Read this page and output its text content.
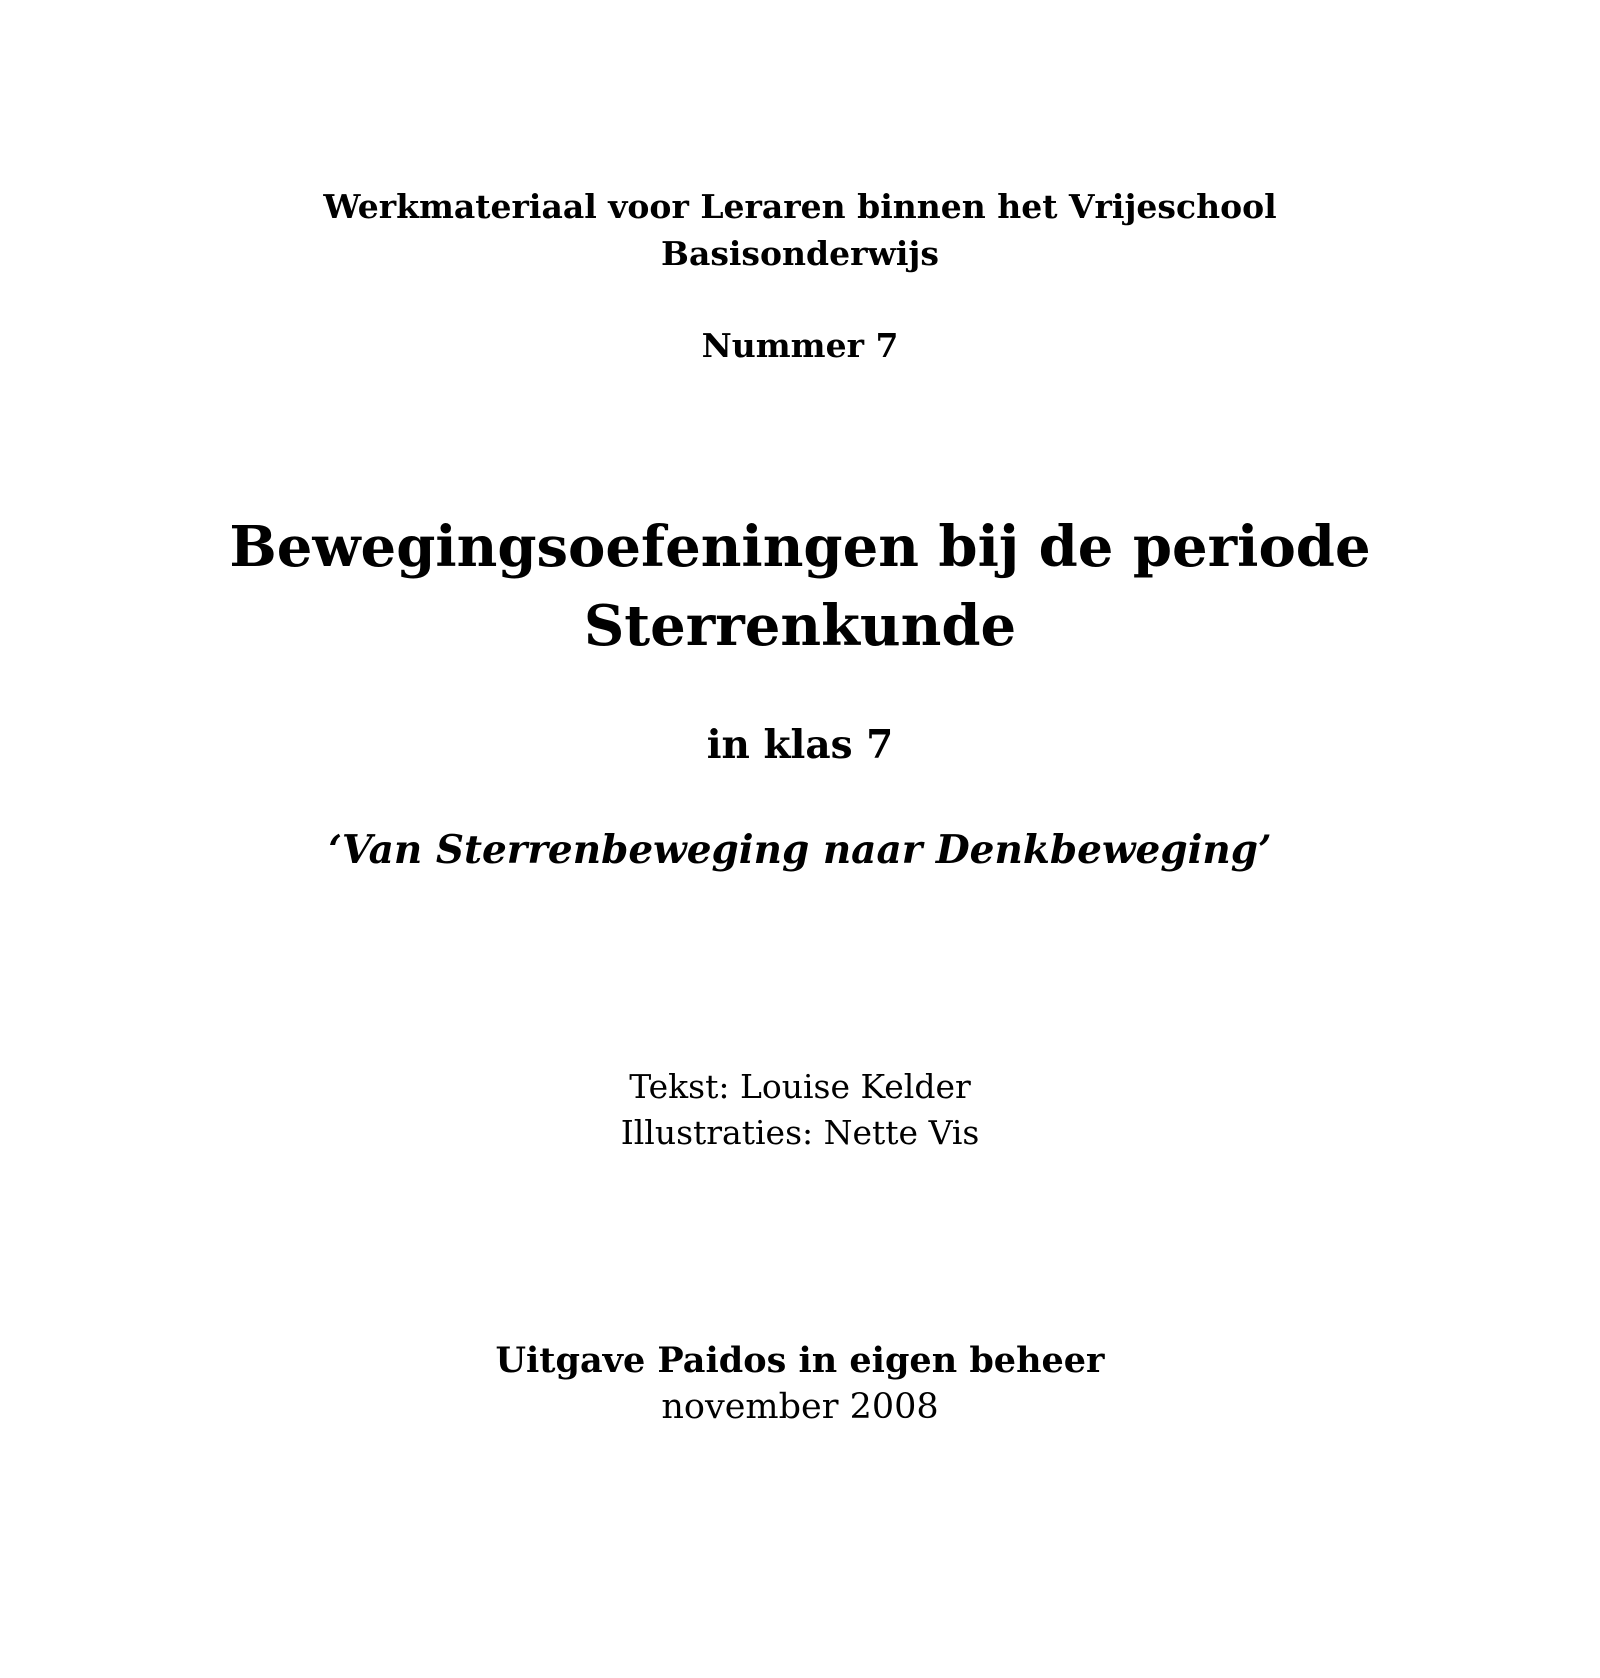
Werkmateriaal voor Leraren binnen het Vrijeschool
Basisonderwijs
Nummer 7
Bewegingsoefeningen bij de periode
Sterrenkunde
in klas 7
‘Van Sterrenbeweging naar Denkbeweging’
Tekst: Louise Kelder
Illustraties: Nette Vis
Uitgave Paidos in eigen beheer
november 2008
